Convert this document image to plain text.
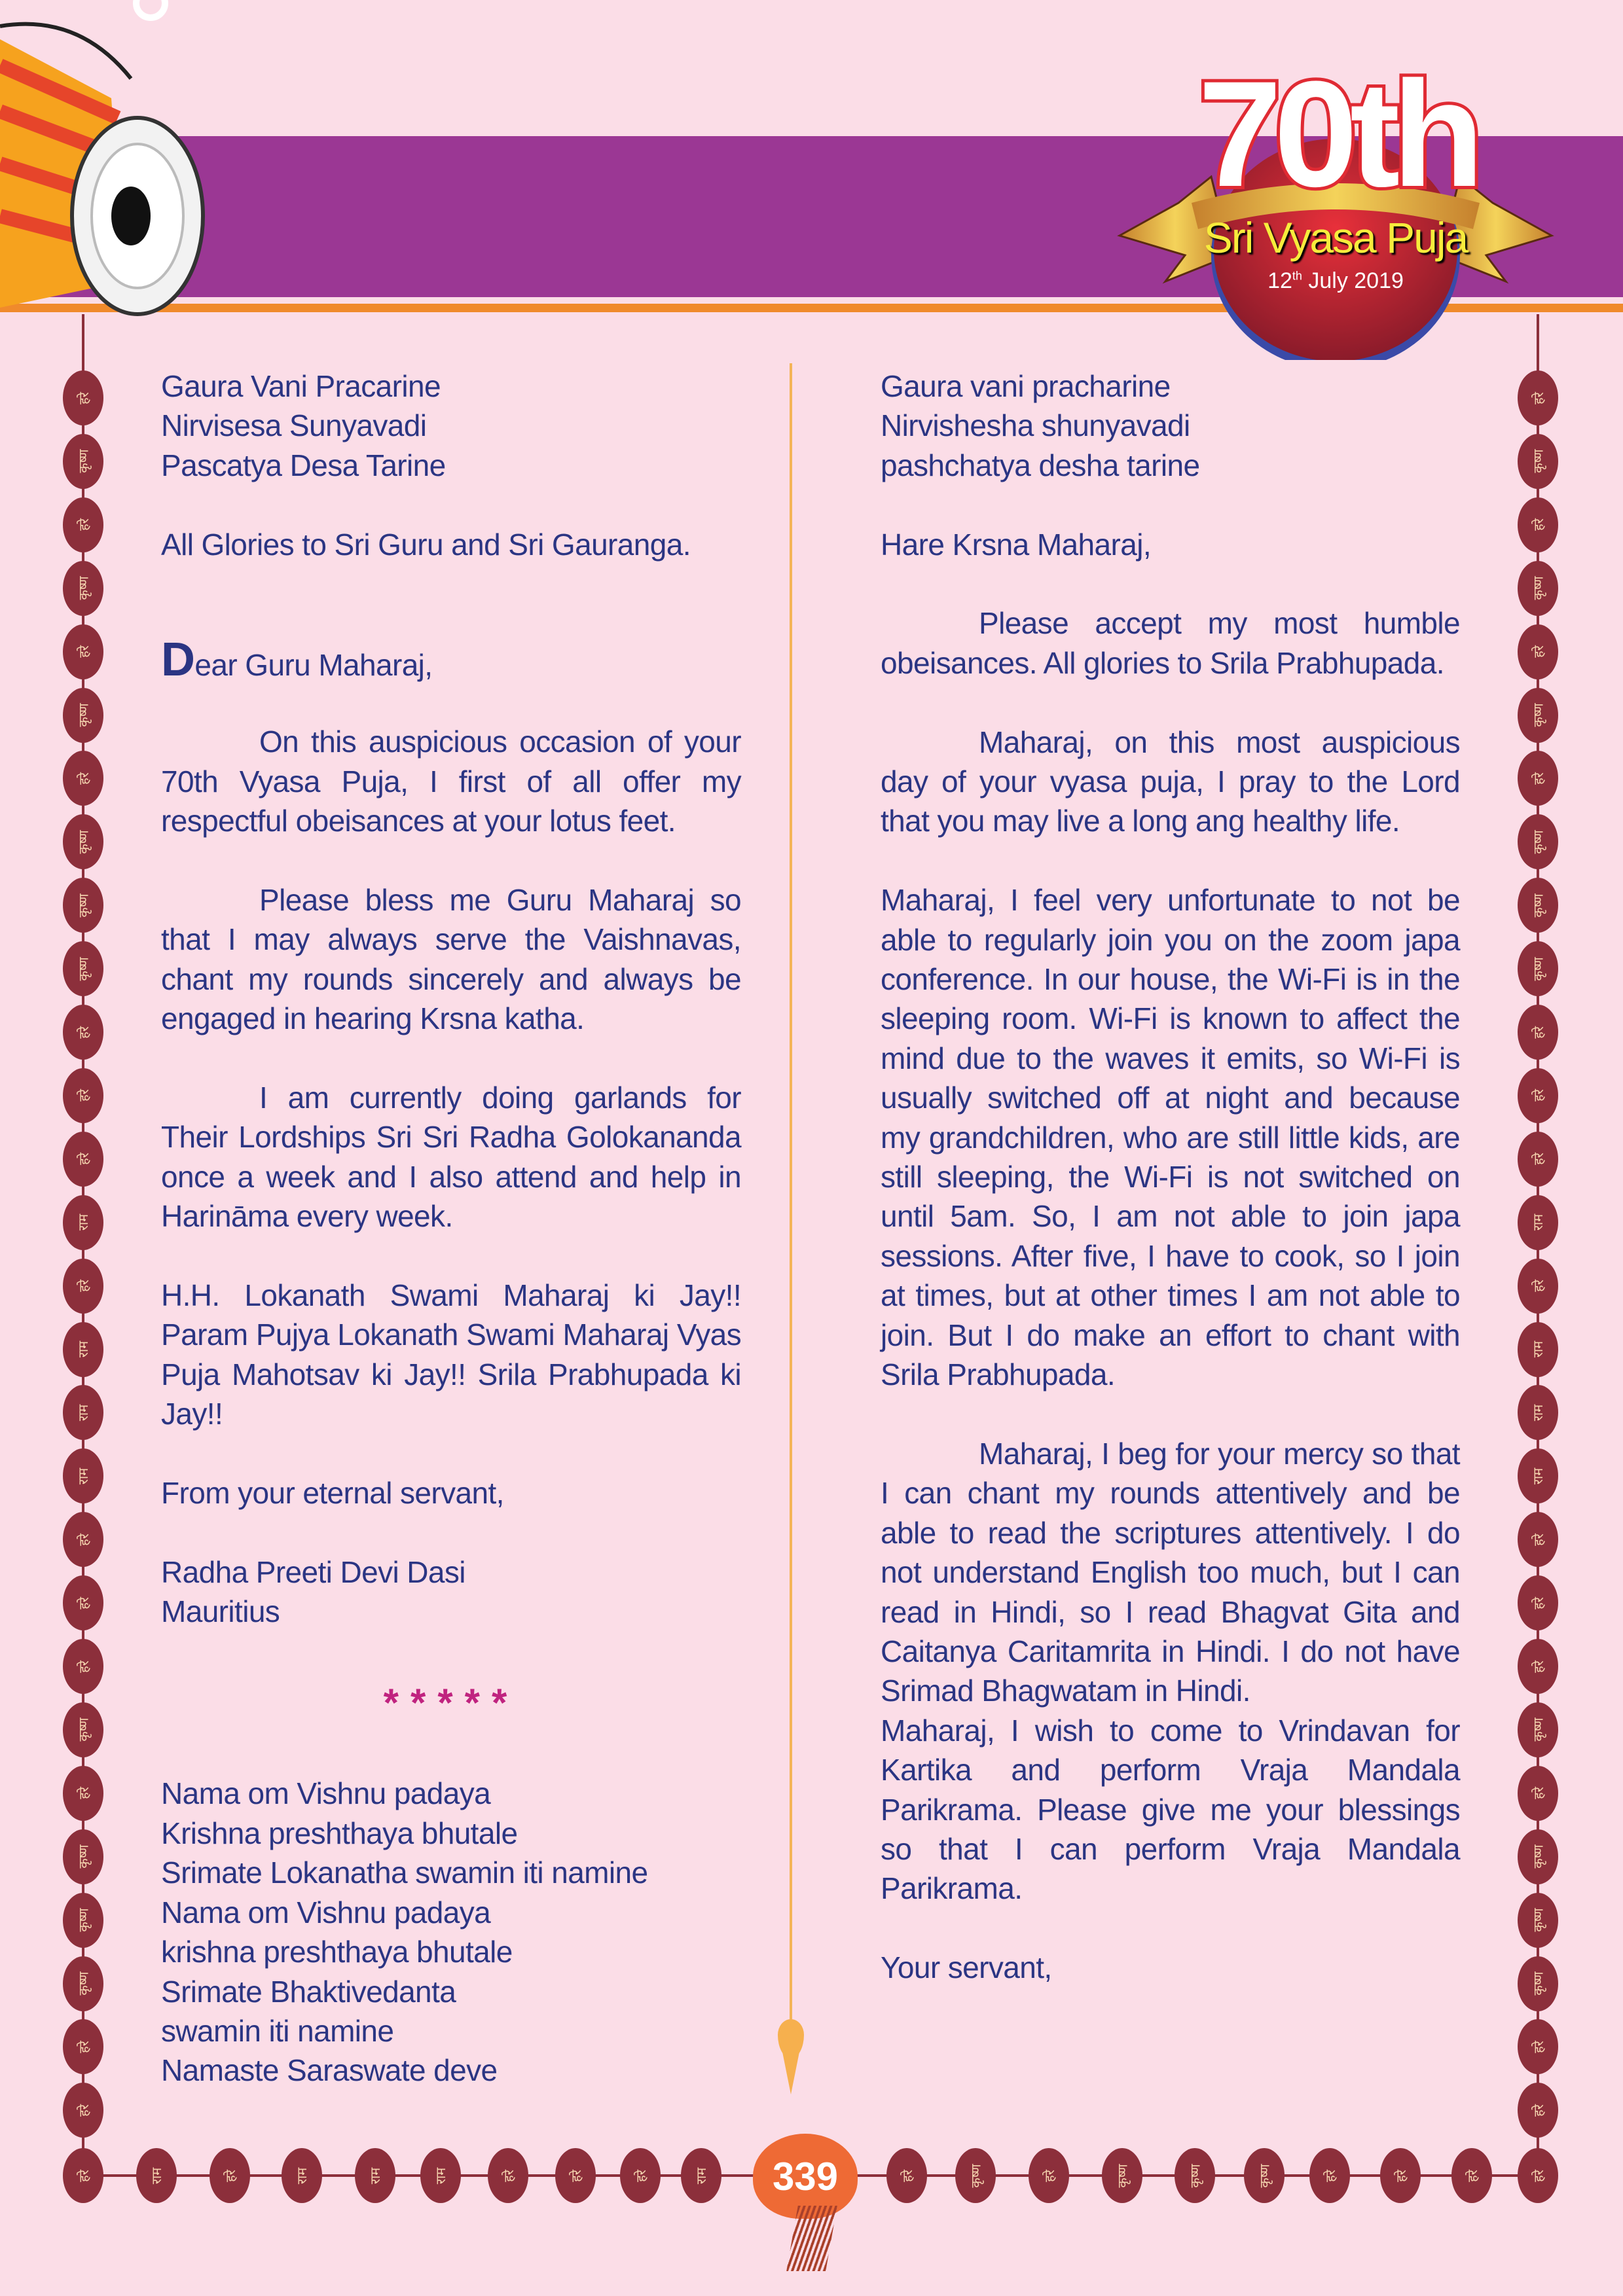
70th
Sri Vyasa Puja
12th July 2019

Gaura Vani Pracarine

Nirvisesa Sunyavadi

Pascatya Desa Tarine

All Glories to Sri Guru and Sri Gauranga.

Dear Guru Maharaj,

On this auspicious occasion of your 70th Vyasa Puja, I first of all offer my respectful obeisances at your lotus feet.

Please bless me Guru Maharaj so that I may always serve the Vaishnavas, chant my rounds sincerely and always be engaged in hearing Krsna katha.

I am currently doing garlands for Their Lordships Sri Sri Radha Golokananda once a week and I also attend and help in Harināma every week.

H.H. Lokanath Swami Maharaj ki Jay!! Param Pujya Lokanath Swami Maharaj Vyas Puja Mahotsav ki Jay!! Srila Prabhupada ki Jay!!

From your eternal servant,

Radha Preeti Devi Dasi

Mauritius

*****

Nama om Vishnu padaya

Krishna preshthaya bhutale

Srimate Lokanatha swamin iti namine

Nama om Vishnu padaya

krishna preshthaya bhutale

Srimate Bhaktivedanta

swamin iti namine

Namaste Saraswate deve

Gaura vani pracharine

Nirvishesha shunyavadi

pashchatya desha tarine

Hare Krsna Maharaj,

Please accept my most humble obeisances. All glories to Srila Prabhupada.

Maharaj, on this most auspicious day of your vyasa puja, I pray to the Lord that you may live a long ang healthy life.

Maharaj, I feel very unfortunate to not be able to regularly join you on the zoom japa conference. In our house, the Wi-Fi is in the sleeping room. Wi-Fi is known to affect the mind due to the waves it emits, so Wi-Fi is usually switched off at night and because my grandchildren, who are still little kids, are still sleeping, the Wi-Fi is not switched on until 5am. So, I am not able to join japa sessions. After five, I have to cook, so I join at times, but at other times I am not able to join. But I do make an effort to chant with Srila Prabhupada.

Maharaj, I beg for your mercy so that I can chant my rounds attentively and be able to read the scriptures attentively. I do not understand English too much, but I can read in Hindi, so I read Bhagvat Gita and Caitanya Caritamrita in Hindi. I do not have Srimad Bhagwatam in Hindi.

Maharaj, I wish to come to Vrindavan for Kartika and perform Vraja Mandala Parikrama. Please give me your blessings so that I can perform Vraja Mandala Parikrama.

Your servant,

हरे
कृष्ण
हरे
कृष्ण
हरे
कृष्ण
हरे
कृष्ण
कृष्ण
कृष्ण
हरे
हरे
हरे
राम
हरे
राम
राम
राम
हरे
हरे
हरे
कृष्ण
हरे
कृष्ण
कृष्ण
कृष्ण
हरे
हरे
हरे
कृष्ण
हरे
कृष्ण
हरे
कृष्ण
हरे
कृष्ण
कृष्ण
कृष्ण
हरे
हरे
हरे
राम
हरे
राम
राम
राम
हरे
हरे
हरे
कृष्ण
हरे
कृष्ण
कृष्ण
कृष्ण
हरे
हरे
हरे	राम	हरे	राम	राम	राम	हरे	हरे	हरे	राम	हरे	कृष्ण	हरे	कृष्ण	कृष्ण	कृष्ण	हरे	हरे	हरे	हरे
339
